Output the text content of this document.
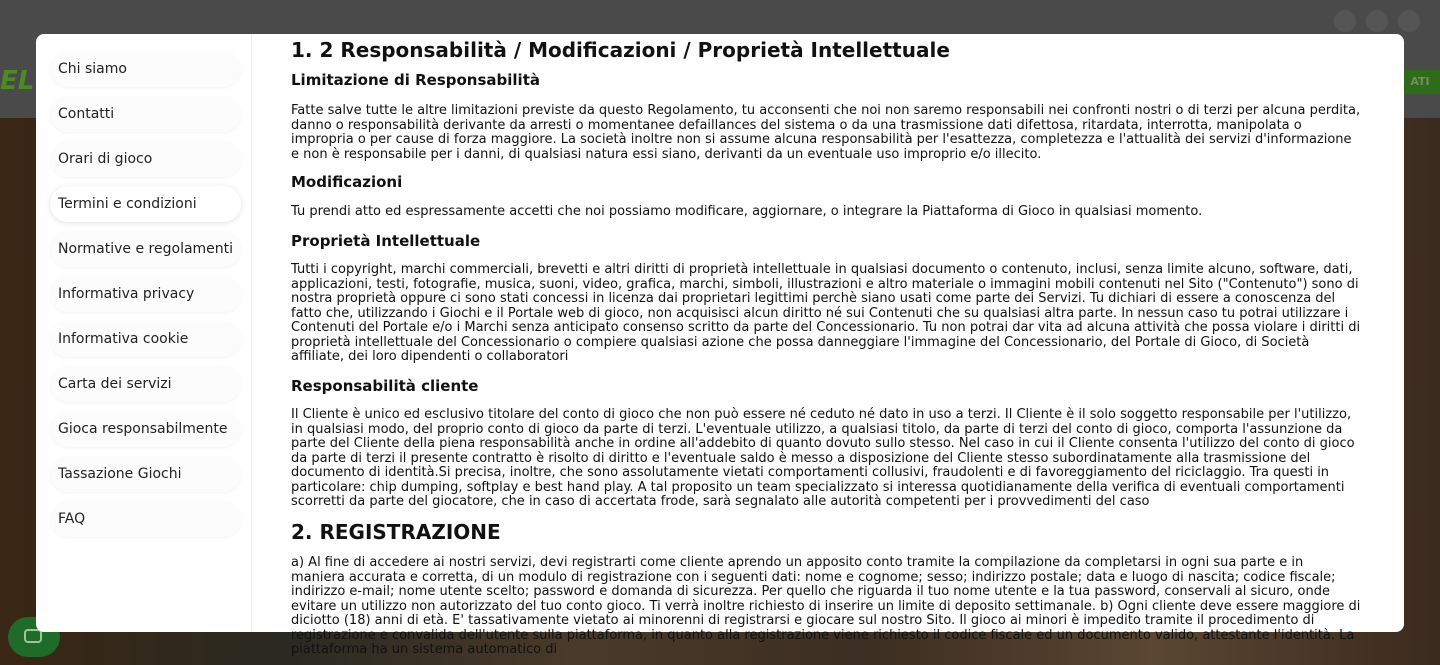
EL	ATI
Chi siamo
Contatti
Orari di gioco
Termini e condizioni
Normative e regolamenti
Informativa privacy
Informativa cookie
Carta dei servizi
Gioca responsabilmente
Tassazione Giochi
FAQ
1. 2 Responsabilità / Modificazioni / Proprietà Intellettuale
Limitazione di Responsabilità

Fatte salve tutte le altre limitazioni previste da questo Regolamento, tu acconsenti che noi non saremo responsabili nei confronti nostri o di terzi per alcuna perdita, danno o responsabilità derivante da arresti o momentanee defaillances del sistema o da una trasmissione dati difettosa, ritardata, interrotta, manipolata o impropria o per cause di forza maggiore. La società inoltre non si assume alcuna responsabilità per l'esattezza, completezza e l'attualità dei servizi d'informazione e non è responsabile per i danni, di qualsiasi natura essi siano, derivanti da un eventuale uso improprio e/o illecito.

Modificazioni

Tu prendi atto ed espressamente accetti che noi possiamo modificare, aggiornare, o integrare la Piattaforma di Gioco in qualsiasi momento.

Proprietà Intellettuale

Tutti i copyright, marchi commerciali, brevetti e altri diritti di proprietà intellettuale in qualsiasi documento o contenuto, inclusi, senza limite alcuno, software, dati, applicazioni, testi, fotografie, musica, suoni, video, grafica, marchi, simboli, illustrazioni e altro materiale o immagini mobili contenuti nel Sito ("Contenuto") sono di nostra proprietà oppure ci sono stati concessi in licenza dai proprietari legittimi perchè siano usati come parte dei Servizi. Tu dichiari di essere a conoscenza del fatto che, utilizzando i Giochi e il Portale web di gioco, non acquisisci alcun diritto né sui Contenuti che su qualsiasi altra parte. In nessun caso tu potrai utilizzare i Contenuti del Portale e/o i Marchi senza anticipato consenso scritto da parte del Concessionario. Tu non potrai dar vita ad alcuna attività che possa violare i diritti di proprietà intellettuale del Concessionario o compiere qualsiasi azione che possa danneggiare l'immagine del Concessionario, del Portale di Gioco, di Società affiliate, dei loro dipendenti o collaboratori

Responsabilità cliente

Il Cliente è unico ed esclusivo titolare del conto di gioco che non può essere né ceduto né dato in uso a terzi. Il Cliente è il solo soggetto responsabile per l'utilizzo, in qualsiasi modo, del proprio conto di gioco da parte di terzi. L'eventuale utilizzo, a qualsiasi titolo, da parte di terzi del conto di gioco, comporta l'assunzione da parte del Cliente della piena responsabilità anche in ordine all'addebito di quanto dovuto sullo stesso. Nel caso in cui il Cliente consenta l'utilizzo del conto di gioco da parte di terzi il presente contratto è risolto di diritto e l'eventuale saldo è messo a disposizione del Cliente stesso subordinatamente alla trasmissione del documento di identità.Si precisa, inoltre, che sono assolutamente vietati comportamenti collusivi, fraudolenti e di favoreggiamento del riciclaggio. Tra questi in particolare: chip dumping, softplay e best hand play. A tal proposito un team specializzato si interessa quotidianamente della verifica di eventuali comportamenti scorretti da parte del giocatore, che in caso di accertata frode, sarà segnalato alle autorità competenti per i provvedimenti del caso

2. REGISTRAZIONE

a) Al fine di accedere ai nostri servizi, devi registrarti come cliente aprendo un apposito conto tramite la compilazione da completarsi in ogni sua parte e in maniera accurata e corretta, di un modulo di registrazione con i seguenti dati: nome e cognome; sesso; indirizzo postale; data e luogo di nascita; codice fiscale; indirizzo e-mail; nome utente scelto; password e domanda di sicurezza. Per quello che riguarda il tuo nome utente e la tua password, conservali al sicuro, onde evitare un utilizzo non autorizzato del tuo conto gioco. Ti verrà inoltre richiesto di inserire un limite di deposito settimanale. b) Ogni cliente deve essere maggiore di diciotto (18) anni di età. E' tassativamente vietato ai minorenni di registrarsi e giocare sul nostro Sito. Il gioco ai minori è impedito tramite il procedimento di registrazione e convalida dell'utente sulla piattaforma, in quanto alla registrazione viene richiesto il codice fiscale ed un documento valido, attestante l'identità. La piattaforma ha un sistema automatico di
